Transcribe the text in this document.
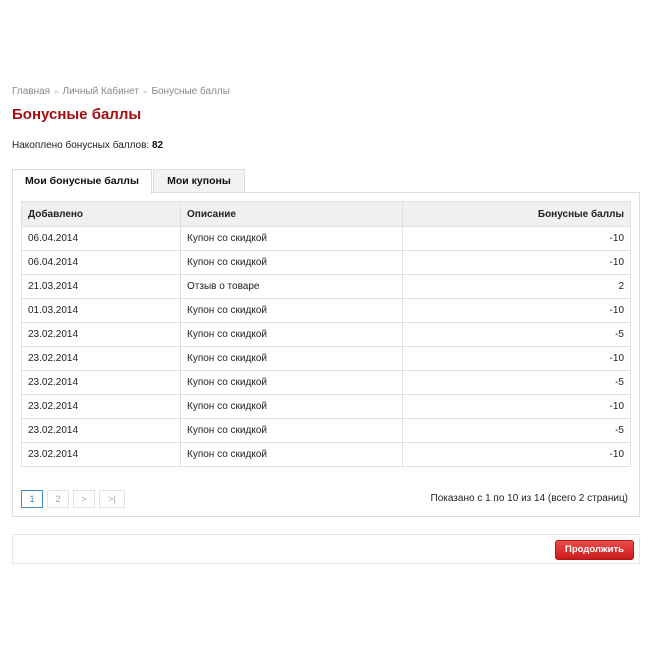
Главная » Личный Кабинет » Бонусные баллы
Бонусные баллы
Накоплено бонусных баллов: 82
Мои бонусные баллы	Мои купоны
Добавлено	Описание	Бонусные баллы
06.04.2014	Купон со скидкой	-10
06.04.2014	Купон со скидкой	-10
21.03.2014	Отзыв о товаре	2
01.03.2014	Купон со скидкой	-10
23.02.2014	Купон со скидкой	-5
23.02.2014	Купон со скидкой	-10
23.02.2014	Купон со скидкой	-5
23.02.2014	Купон со скидкой	-10
23.02.2014	Купон со скидкой	-5
23.02.2014	Купон со скидкой	-10
1	2	>	>|	Показано с 1 по 10 из 14 (всего 2 страниц)
Продолжить
